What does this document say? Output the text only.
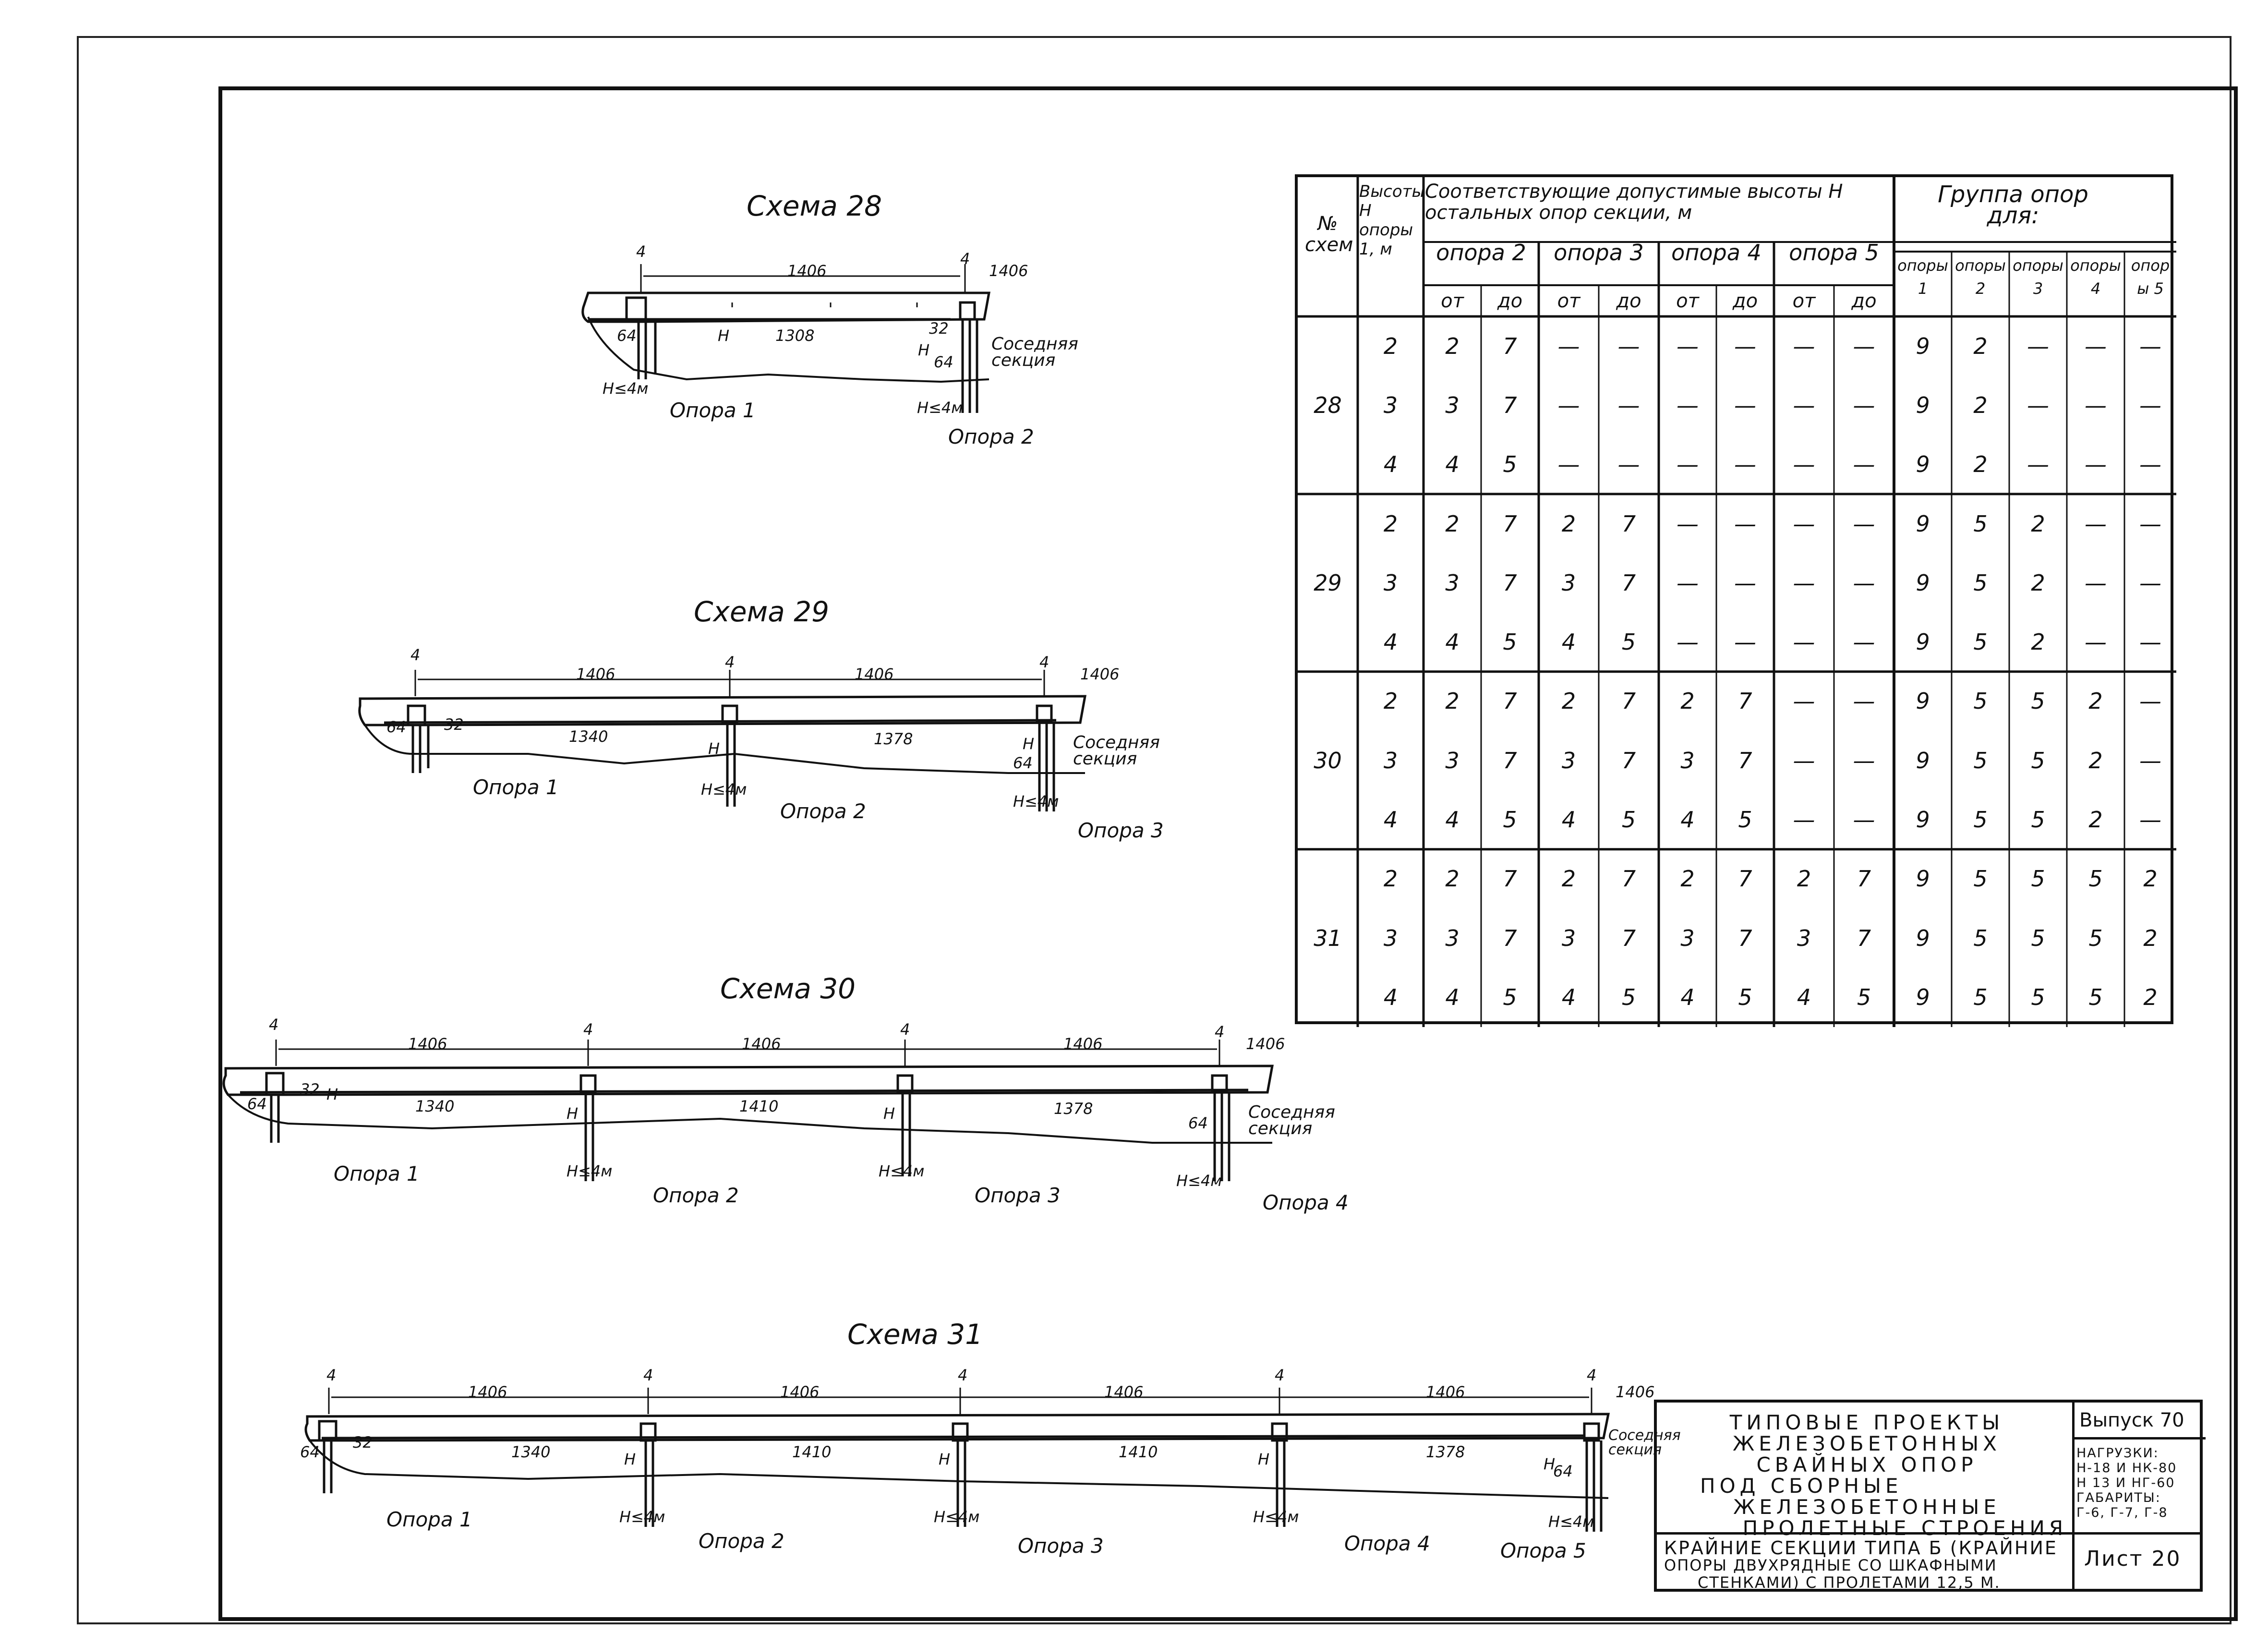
Схема 28
4
1406
4
1406
1308
64	32
64
H
H
H≤4м
H≤4м
Соседняя секция
Опора 1
Опора 2
Схема 29
4
1406
4
1406
4
1406
1340	1378
64 32
64
H	H
H≤4м
H≤4м
Соседняя секция
Опора 1
Опора 2
Опора 3
Схема 30
4
1406
4
1406
4
1406
4
1406
1340	1410	1378
64
32
64
H
H	H
H≤4м	H≤4м
H≤4м
Соседняя секция
Опора 1
Опора 2	Опора 3	Опора 4
Схема 31
4
1406
4
1406
4
1406
4
1406
4
1406
1340	1410	1410	1378
64
32
64
H	H	H	H
H≤4м	H≤4м	H≤4м	H≤4м
Соседняя секция
Опора 1
Опора 2	Опора 3	Опора 4	Опора 5
№ схем
Высоты H опоры 1, м
Соответствующие допустимые высоты H остальных опор секции, м
Группа опор для:
опора 2	опора 3	опора 4	опора 5
от	до	от	до	от	до	от	до
опоры 1
опоры 2
опоры 3
опоры 4
опоры 5
28
2	2	7	—	—	—	—	—	—	9	2	—	—	—
3	3	7	—	—	—	—	—	—	9	2	—	—	—
4	4	5	—	—	—	—	—	—	9	2	—	—	—
29
2	2	7	2	7	—	—	—	—	9	5	2	—	—
3	3	7	3	7	—	—	—	—	9	5	2	—	—
4	4	5	4	5	—	—	—	—	9	5	2	—	—
30
2	2	7	2	7	2	7	—	—	9	5	5	2	—
3	3	7	3	7	3	7	—	—	9	5	5	2	—
4	4	5	4	5	4	5	—	—	9	5	5	2	—
31
2	2	7	2	7	2	7	2	7	9	5	5	5	2
3	3	7	3	7	3	7	3	7	9	5	5	5	2
4	4	5	4	5	4	5	4	5	9	5	5	5	2
ТИПОВЫЕ ПРОЕКТЫ
ЖЕЛЕЗОБЕТОННЫХ
СВАЙНЫХ ОПОР
ПОД СБОРНЫЕ
ЖЕЛЕЗОБЕТОННЫЕ
ПРОЛЕТНЫЕ СТРОЕНИЯ
Выпуск 70
НАГРУЗКИ:
Н-18 И НК-80
Н 13 И НГ-60
ГАБАРИТЫ:
Г-6, Г-7, Г-8
КРАЙНИЕ СЕКЦИИ ТИПА Б (КРАЙНИЕ
ОПОРЫ ДВУХРЯДНЫЕ СО ШКАФНЫМИ
СТЕНКАМИ) С ПРОЛЕТАМИ 12,5 М.
Лист 20
